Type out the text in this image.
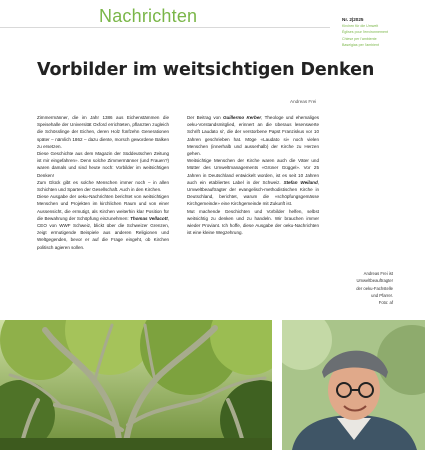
Nachrichten	Nr. 2|2025
Kirchen für die Umwelt
Églises pour l'environnement
Chiese per l'ambiente
Baselgias per l'ambient
Vorbilder im weitsichtigen Denken
Andreas Frei

Zimmermänner, die im Jahr 1386 aus Eichenstämmen die Speisehalle der Universität Oxford errichteten, pflanzten zugleich die Schösslinge der Eichen, deren Holz fünfzehn Generationen später – nämlich 1862 – dazu diente, morsch gewordene Balken zu ersetzen.

Diese Geschichte aus dem Magazin der Süddeutschen Zeitung ist mir eingefahren». Denn solche Zimmermänner (und Frauen?) waren damals und sind heute noch: Vorbilder im weitsichtigen Denken!

Zum Glück gibt es solche Menschen immer noch – in allen Schichten und Sparten der Gesellschaft. Auch in den Kirchen.

Diese Ausgabe der oeku-Nachrichten berichtet von weitsichtigen Menschen und Projekten im kirchlichen Raum und von einer Aussensicht, die ermutigt, als Kirchen weiterhin klar Position für die Bewahrung der Schöpfung einzunehmen: Thomas Vellacott, CEO von WWF Schweiz, blickt über die Schweizer Grenzen, zeigt ermutigende Beispiele aus anderen Religionen und Weltgegenden, bevor er auf die Frage eingeht, ob Kirchen politisch agieren sollen.

Der Beitrag von Guillermo Kerber, Theologe und ehemaliges oeku-Vorstandsmitglied, erinnert an die überaus lesenswerte Schrift Laudato si', die der verstorbene Papst Franziskus vor 10 Jahren geschrieben hat. Möge «Laudato si» noch vielen Menschen (innerhalb und ausserhalb) der Kirche zu Herzen gehen.

Weitsichtige Menschen der Kirche waren auch die Väter und Mütter des Umweltmanagements «Grüner Güggel». Vor 25 Jahren in Deutschland entwickelt worden, ist es seit 10 Jahren auch ein etabliertes Label in der Schweiz. Stefan Weiland, Umweltbeauftragter der evangelisch-methodistischen Kirche in Deutschland, berichtet, warum die «schöpfungsgemässe Kirchgemeinde» eine Kirchgemeinde mit Zukunft ist.

Mut machende Geschichten und Vorbilder helfen, selbst weitsichtig zu denken und zu handeln. Wir brauchen immer wieder Proviant. Ich hoffe, diese Ausgabe der oeku-Nachrichten ist eine kleine Wegzehrung.

Andreas Frei ist
Umweltbeauftragter
der oeku-Fachstelle
und Pfarrer.
Foto: af
